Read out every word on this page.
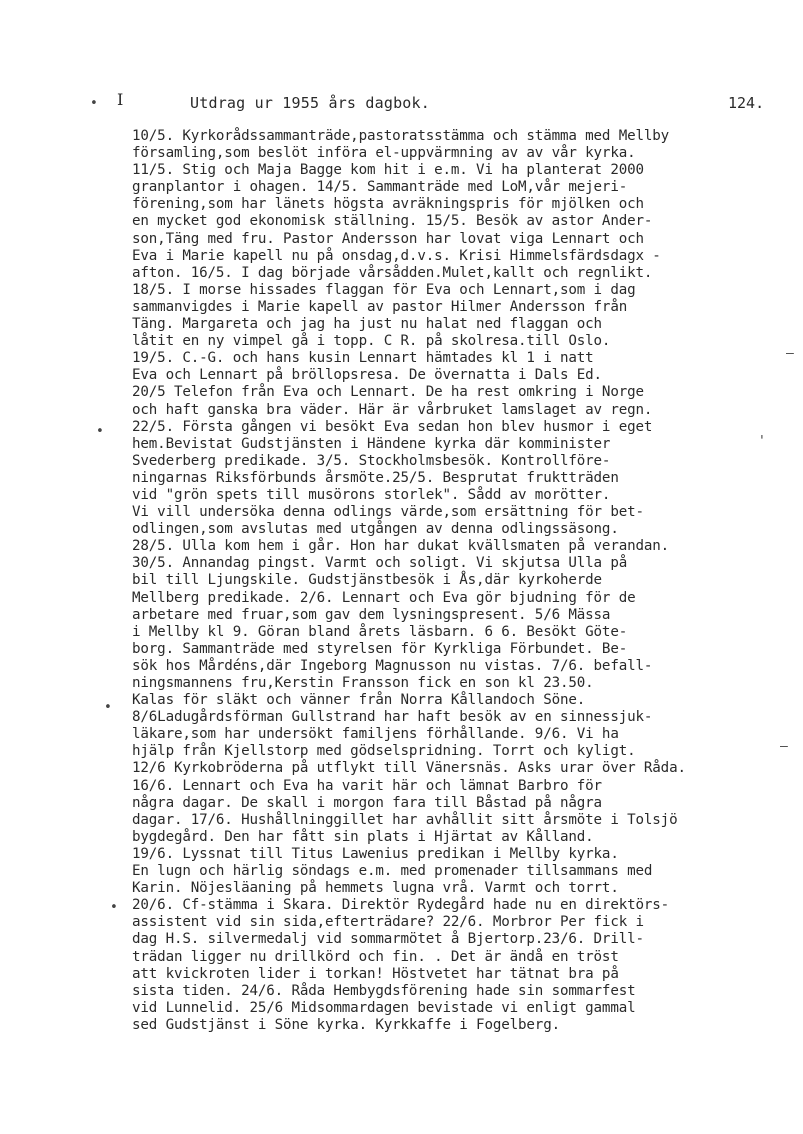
•
–
•
'
•
–
•
I	Utdrag ur 1955 års dagbok.	124.
10/5. Kyrkorådssammanträde,pastoratsstämma och stämma med Mellby
församling,som beslöt införa el-uppvärmning av av vår kyrka.
11/5. Stig och Maja Bagge kom hit i e.m. Vi ha planterat 2000
granplantor i ohagen. 14/5. Sammanträde med LoM,vår mejeri-
förening,som har länets högsta avräkningspris för mjölken och
en mycket god ekonomisk ställning. 15/5. Besök av astor Ander-
son,Täng med fru. Pastor Andersson har lovat viga Lennart och
Eva i Marie kapell nu på onsdag,d.v.s. Krisi Himmelsfärdsdagx -
afton. 16/5. I dag började vårsådden.Mulet,kallt och regnlikt.
18/5. I morse hissades flaggan för Eva och Lennart,som i dag
sammanvigdes i Marie kapell av pastor Hilmer Andersson från
Täng. Margareta och jag ha just nu halat ned flaggan och
låtit en ny vimpel gå i topp. C R. på skolresa.till Oslo.
19/5. C.-G. och hans kusin Lennart hämtades kl 1 i natt
Eva och Lennart på bröllopsresa. De övernatta i Dals Ed.
20/5 Telefon från Eva och Lennart. De ha rest omkring i Norge
och haft ganska bra väder. Här är vårbruket lamslaget av regn.
22/5. Första gången vi besökt Eva sedan hon blev husmor i eget
hem.Bevistat Gudstjänsten i Händene kyrka där komminister
Svederberg predikade. 3/5. Stockholmsbesök. Kontrollföre-
ningarnas Riksförbunds årsmöte.25/5. Besprutat fruktträden
vid "grön spets till musörons storlek". Sådd av morötter.
Vi vill undersöka denna odlings värde,som ersättning för bet-
odlingen,som avslutas med utgången av denna odlingssäsong.
28/5. Ulla kom hem i går. Hon har dukat kvällsmaten på verandan.
30/5. Annandag pingst. Varmt och soligt. Vi skjutsa Ulla på
bil till Ljungskile. Gudstjänstbesök i Ås,där kyrkoherde
Mellberg predikade. 2/6. Lennart och Eva gör bjudning för de
arbetare med fruar,som gav dem lysningspresent. 5/6 Mässa
i Mellby kl 9. Göran bland årets läsbarn. 6 6. Besökt Göte-
borg. Sammanträde med styrelsen för Kyrkliga Förbundet. Be-
sök hos Mårdéns,där Ingeborg Magnusson nu vistas. 7/6. befall-
ningsmannens fru,Kerstin Fransson fick en son kl 23.50.
Kalas för släkt och vänner från Norra Kållandoch Söne.
8/6Ladugårdsförman Gullstrand har haft besök av en sinnessjuk-
läkare,som har undersökt familjens förhållande. 9/6. Vi ha
hjälp från Kjellstorp med gödselspridning. Torrt och kyligt.
12/6 Kyrkobröderna på utflykt till Vänersnäs. Asks urar över Råda.
16/6. Lennart och Eva ha varit här och lämnat Barbro för
några dagar. De skall i morgon fara till Båstad på några
dagar. 17/6. Hushållninggillet har avhållit sitt årsmöte i Tolsjö
bygdegård. Den har fått sin plats i Hjärtat av Kålland.
19/6. Lyssnat till Titus Lawenius predikan i Mellby kyrka.
En lugn och härlig söndags e.m. med promenader tillsammans med
Karin. Nöjesläaning på hemmets lugna vrå. Varmt och torrt.
20/6. Cf-stämma i Skara. Direktör Rydegård hade nu en direktörs-
assistent vid sin sida,efterträdare? 22/6. Morbror Per fick i
dag H.S. silvermedalj vid sommarmötet å Bjertorp.23/6. Drill-
trädan ligger nu drillkörd och fin. . Det är ändå en tröst
att kvickroten lider i torkan! Höstvetet har tätnat bra på
sista tiden. 24/6. Råda Hembygdsförening hade sin sommarfest
vid Lunnelid. 25/6 Midsommardagen bevistade vi enligt gammal
sed Gudstjänst i Söne kyrka. Kyrkkaffe i Fogelberg.
